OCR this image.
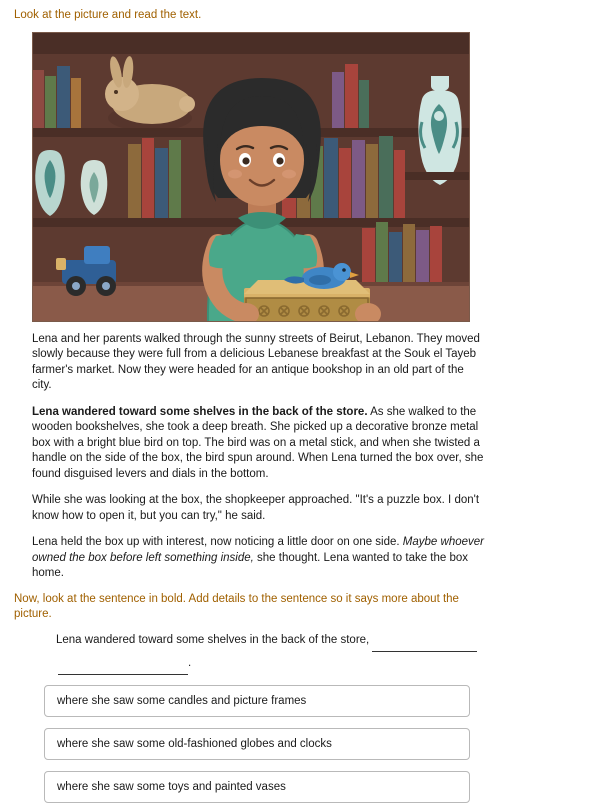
Look at the picture and read the text.

Lena and her parents walked through the sunny streets of Beirut, Lebanon. They moved slowly because they were full from a delicious Lebanese breakfast at the Souk el Tayeb farmer's market. Now they were headed for an antique bookshop in an old part of the city.

Lena wandered toward some shelves in the back of the store. As she walked to the wooden bookshelves, she took a deep breath. She picked up a decorative bronze metal box with a bright blue bird on top. The bird was on a metal stick, and when she twisted a handle on the side of the box, the bird spun around. When Lena turned the box over, she found disguised levers and dials in the bottom.

While she was looking at the box, the shopkeeper approached. "It's a puzzle box. I don't know how to open it, but you can try," he said.

Lena held the box up with interest, now noticing a little door on one side. Maybe whoever owned the box before left something inside, she thought. Lena wanted to take the box home.

Now, look at the sentence in bold. Add details to the sentence so it says more about the picture.
Lena wandered toward some shelves in the back of the store,  .
where she saw some candles and picture frames
where she saw some old-fashioned globes and clocks
where she saw some toys and painted vases
